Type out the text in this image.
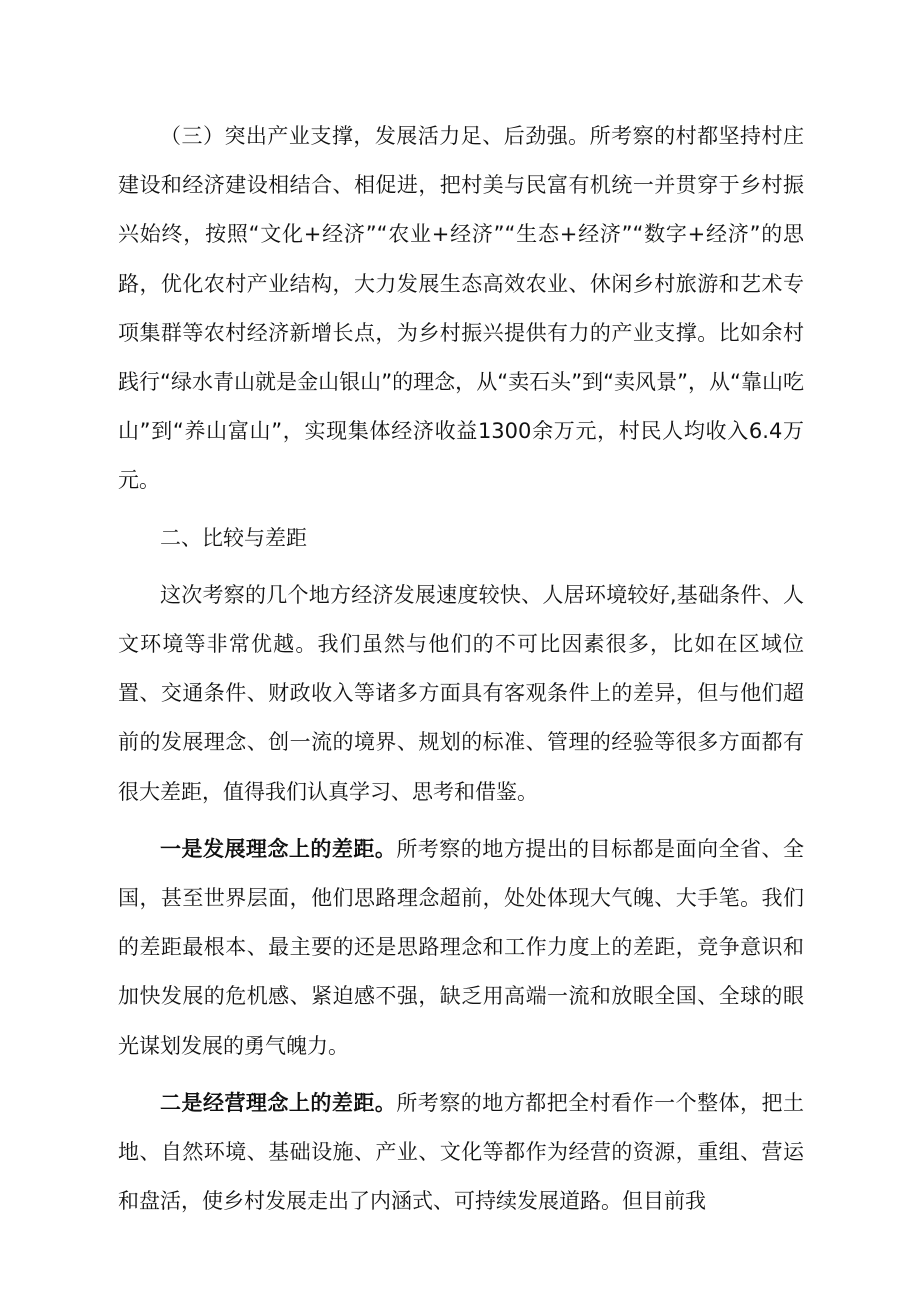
（三）突出产业支撑，发展活力足、后劲强。所考察的村都坚持村庄建设和经济建设相结合、相促进，把村美与民富有机统一并贯穿于乡村振兴始终，按照“文化+经济”“农业+经济”“生态+经济”“数字+经济”的思路，优化农村产业结构，大力发展生态高效农业、休闲乡村旅游和艺术专项集群等农村经济新增长点，为乡村振兴提供有力的产业支撑。比如余村践行“绿水青山就是金山银山”的理念，从“卖石头”到“卖风景”，从“靠山吃山”到“养山富山”，实现集体经济收益1300余万元，村民人均收入6.4万元。

二、比较与差距

这次考察的几个地方经济发展速度较快、人居环境较好,基础条件、人文环境等非常优越。我们虽然与他们的不可比因素很多，比如在区域位置、交通条件、财政收入等诸多方面具有客观条件上的差异，但与他们超前的发展理念、创一流的境界、规划的标准、管理的经验等很多方面都有很大差距，值得我们认真学习、思考和借鉴。

一是发展理念上的差距。所考察的地方提出的目标都是面向全省、全国，甚至世界层面，他们思路理念超前，处处体现大气魄、大手笔。我们的差距最根本、最主要的还是思路理念和工作力度上的差距，竞争意识和加快发展的危机感、紧迫感不强，缺乏用高端一流和放眼全国、全球的眼光谋划发展的勇气魄力。

二是经营理念上的差距。所考察的地方都把全村看作一个整体，把土地、自然环境、基础设施、产业、文化等都作为经营的资源，重组、营运和盘活，使乡村发展走出了内涵式、可持续发展道路。但目前我
